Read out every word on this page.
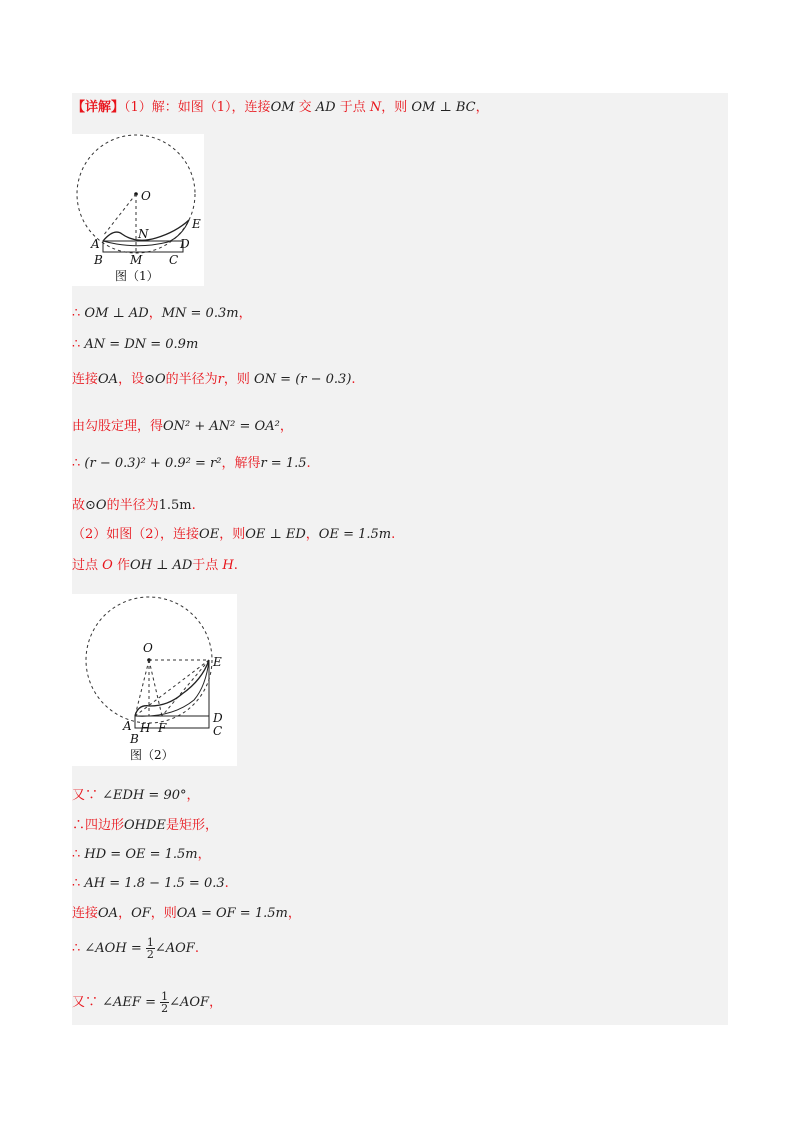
【详解】（1）解：如图（1），连接OM 交 AD 于点 N，则 OM ⊥ BC，
O
E
A
N
D
B M C
图（1）
∴ OM ⊥ AD，MN = 0.3m，
∴ AN = DN = 0.9m
连接OA，设⊙O的半径为r，则 ON = (r − 0.3).
由勾股定理，得ON² + AN² = OA²，
∴ (r − 0.3)² + 0.9² = r²，解得r = 1.5.
故⊙O的半径为1.5m.
（2）如图（2），连接OE，则OE ⊥ ED，OE = 1.5m.
过点 O 作OH ⊥ AD于点 H.
O
E
D
A H F	C
B
图（2）
又∵ ∠EDH = 90°，
∴四边形OHDE是矩形，
∴ HD = OE = 1.5m，
∴ AH = 1.8 − 1.5 = 0.3.
连接OA，OF，则OA = OF = 1.5m，
∴ ∠AOH = $\frac{1}{2}$ ∠AOF.
又∵ ∠AEF = $\frac{1}{2}$ ∠AOF，
